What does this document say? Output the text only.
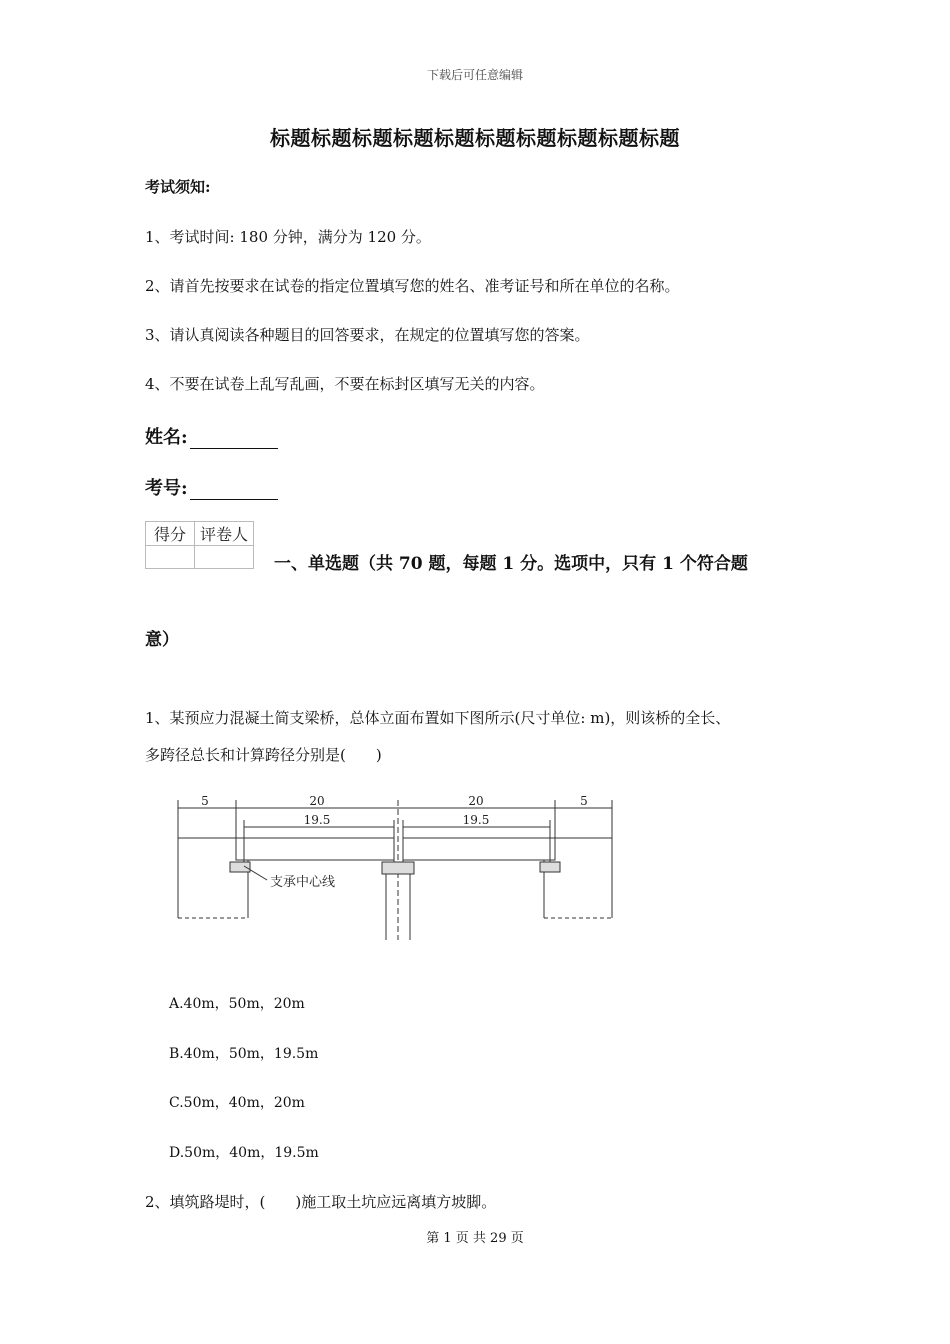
下载后可任意编辑
标题标题标题标题标题标题标题标题标题标题
考试须知:
1、考试时间: 180 分钟，满分为 120 分。
2、请首先按要求在试卷的指定位置填写您的姓名、准考证号和所在单位的名称。
3、请认真阅读各种题目的回答要求，在规定的位置填写您的答案。
4、不要在试卷上乱写乱画，不要在标封区填写无关的内容。
姓名:
考号:
得分	评卷人

一、单选题（共 70 题，每题 1 分。选项中，只有 1 个符合题
意）
1、某预应力混凝土简支梁桥，总体立面布置如下图所示(尺寸单位: m)，则该桥的全长、
多跨径总长和计算跨径分别是(　　)
5	20
19.5
20
19.5
5
支承中心线
A.40m，50m，20m
B.40m，50m，19.5m
C.50m，40m，20m
D.50m，40m，19.5m
2、填筑路堤时，(　　)施工取土坑应远离填方坡脚。
第 1 页 共 29 页
